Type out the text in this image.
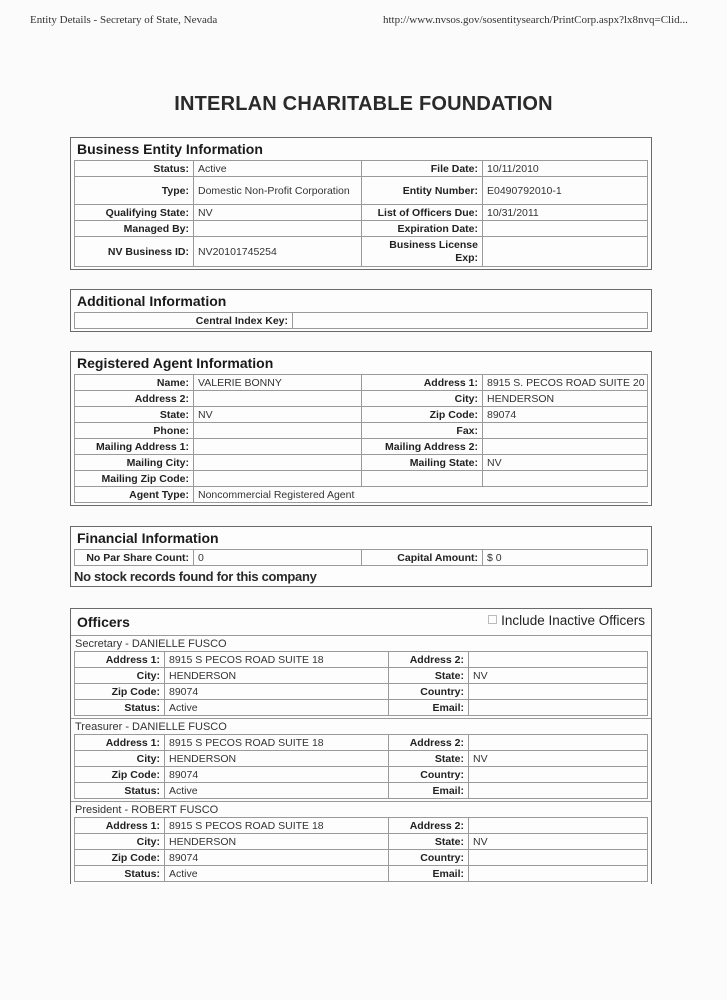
Entity Details - Secretary of State, Nevada	http://www.nvsos.gov/sosentitysearch/PrintCorp.aspx?lx8nvq=Clid...
INTERLAN CHARITABLE FOUNDATION
Business Entity Information
Status:	Active	File Date:	10/11/2010
Type:	Domestic Non-Profit Corporation	Entity Number:	E0490792010-1
Qualifying State:	NV	List of Officers Due:	10/31/2011
Managed By:		Expiration Date:	
NV Business ID:	NV20101745254	Business License Exp:	
Additional Information
Central Index Key:	
Registered Agent Information
Name:	VALERIE BONNY	Address 1:	8915 S. PECOS ROAD SUITE 20
Address 2:		City:	HENDERSON
State:	NV	Zip Code:	89074
Phone:		Fax:	
Mailing Address 1:		Mailing Address 2:	
Mailing City:		Mailing State:	NV
Mailing Zip Code:			
Agent Type:	Noncommercial Registered Agent		
Financial Information
No Par Share Count:	0	Capital Amount:	$ 0
No stock records found for this company
Officers	Include Inactive Officers
Secretary - DANIELLE FUSCO
Address 1:	8915 S PECOS ROAD SUITE 18	Address 2:	
City:	HENDERSON	State:	NV
Zip Code:	89074	Country:	
Status:	Active	Email:	
Treasurer - DANIELLE FUSCO
Address 1:	8915 S PECOS ROAD SUITE 18	Address 2:	
City:	HENDERSON	State:	NV
Zip Code:	89074	Country:	
Status:	Active	Email:	
President - ROBERT FUSCO
Address 1:	8915 S PECOS ROAD SUITE 18	Address 2:	
City:	HENDERSON	State:	NV
Zip Code:	89074	Country:	
Status:	Active	Email:	
